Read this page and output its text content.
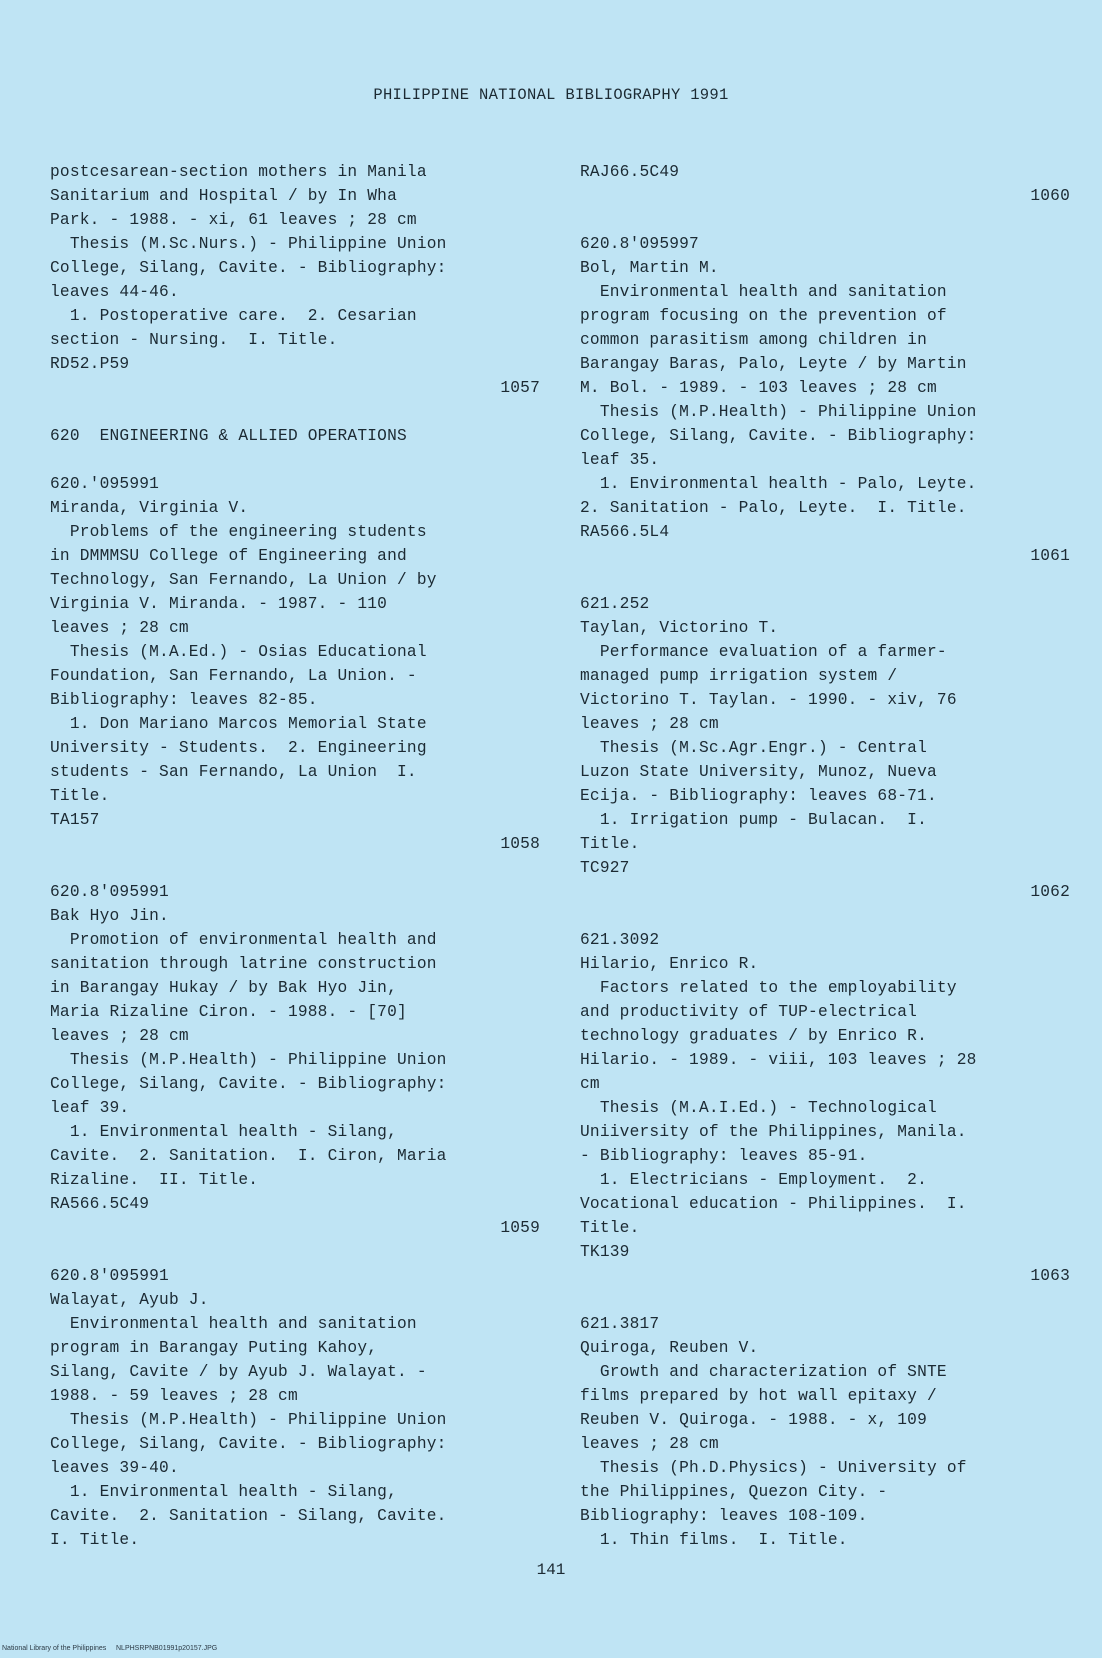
PHILIPPINE NATIONAL BIBLIOGRAPHY 1991
postcesarean-section mothers in Manila
Sanitarium and Hospital / by In Wha
Park. - 1988. - xi, 61 leaves ; 28 cm
Thesis (M.Sc.Nurs.) - Philippine Union
College, Silang, Cavite. - Bibliography:
leaves 44-46.
1. Postoperative care.  2. Cesarian
section - Nursing.  I. Title.
RD52.P59
1057
620  ENGINEERING & ALLIED OPERATIONS
620.'095991
Miranda, Virginia V.
Problems of the engineering students
in DMMMSU College of Engineering and
Technology, San Fernando, La Union / by
Virginia V. Miranda. - 1987. - 110
leaves ; 28 cm
Thesis (M.A.Ed.) - Osias Educational
Foundation, San Fernando, La Union. -
Bibliography: leaves 82-85.
1. Don Mariano Marcos Memorial State
University - Students.  2. Engineering
students - San Fernando, La Union  I.
Title.
TA157
1058
620.8'095991
Bak Hyo Jin.
Promotion of environmental health and
sanitation through latrine construction
in Barangay Hukay / by Bak Hyo Jin,
Maria Rizaline Ciron. - 1988. - [70]
leaves ; 28 cm
Thesis (M.P.Health) - Philippine Union
College, Silang, Cavite. - Bibliography:
leaf 39.
1. Environmental health - Silang,
Cavite.  2. Sanitation.  I. Ciron, Maria
Rizaline.  II. Title.
RA566.5C49
1059
620.8'095991
Walayat, Ayub J.
Environmental health and sanitation
program in Barangay Puting Kahoy,
Silang, Cavite / by Ayub J. Walayat. -
1988. - 59 leaves ; 28 cm
Thesis (M.P.Health) - Philippine Union
College, Silang, Cavite. - Bibliography:
leaves 39-40.
1. Environmental health - Silang,
Cavite.  2. Sanitation - Silang, Cavite.
I. Title.
RAJ66.5C49
1060
620.8'095997
Bol, Martin M.
Environmental health and sanitation
program focusing on the prevention of
common parasitism among children in
Barangay Baras, Palo, Leyte / by Martin
M. Bol. - 1989. - 103 leaves ; 28 cm
Thesis (M.P.Health) - Philippine Union
College, Silang, Cavite. - Bibliography:
leaf 35.
1. Environmental health - Palo, Leyte.
2. Sanitation - Palo, Leyte.  I. Title.
RA566.5L4
1061
621.252
Taylan, Victorino T.
Performance evaluation of a farmer-
managed pump irrigation system /
Victorino T. Taylan. - 1990. - xiv, 76
leaves ; 28 cm
Thesis (M.Sc.Agr.Engr.) - Central
Luzon State University, Munoz, Nueva
Ecija. - Bibliography: leaves 68-71.
1. Irrigation pump - Bulacan.  I.
Title.
TC927
1062
621.3092
Hilario, Enrico R.
Factors related to the employability
and productivity of TUP-electrical
technology graduates / by Enrico R.
Hilario. - 1989. - viii, 103 leaves ; 28
cm
Thesis (M.A.I.Ed.) - Technological
Uniiversity of the Philippines, Manila.
- Bibliography: leaves 85-91.
1. Electricians - Employment.  2.
Vocational education - Philippines.  I.
Title.
TK139
1063
621.3817
Quiroga, Reuben V.
Growth and characterization of SNTE
films prepared by hot wall epitaxy /
Reuben V. Quiroga. - 1988. - x, 109
leaves ; 28 cm
Thesis (Ph.D.Physics) - University of
the Philippines, Quezon City. -
Bibliography: leaves 108-109.
1. Thin films.  I. Title.
141
National Library of the Philippines     NLPHSRPNB01991p20157.JPG
